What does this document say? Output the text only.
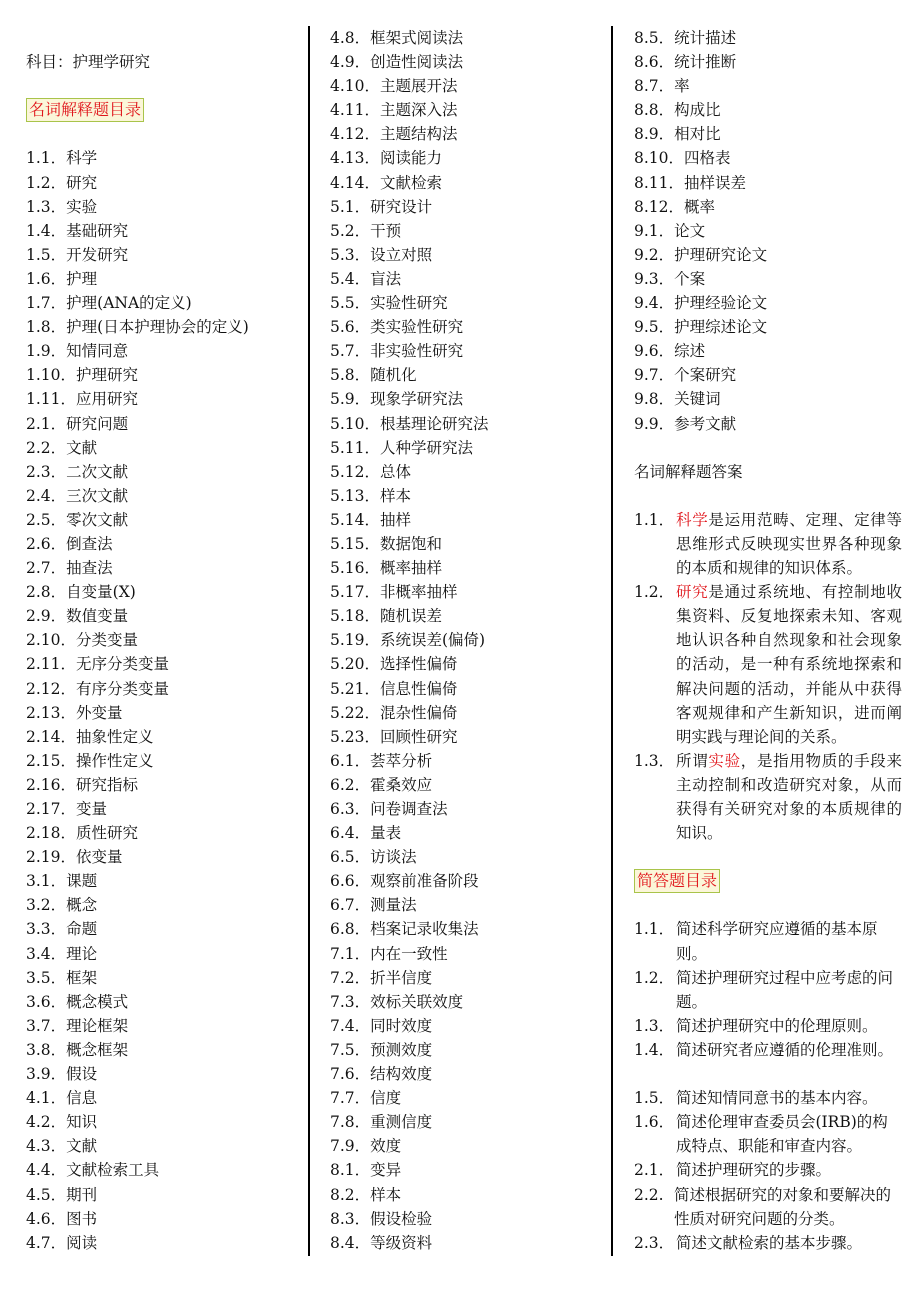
科目：护理学研究
名词解释题目录
1.1．科学
1.2．研究
1.3．实验
1.4．基础研究
1.5．开发研究
1.6．护理
1.7．护理(ANA的定义)
1.8．护理(日本护理协会的定义)
1.9．知情同意
1.10．护理研究
1.11．应用研究
2.1．研究问题
2.2．文献
2.3．二次文献
2.4．三次文献
2.5．零次文献
2.6．倒查法
2.7．抽查法
2.8．自变量(X)
2.9．数值变量
2.10．分类变量
2.11．无序分类变量
2.12．有序分类变量
2.13．外变量
2.14．抽象性定义
2.15．操作性定义
2.16．研究指标
2.17．变量
2.18．质性研究
2.19．依变量
3.1．课题
3.2．概念
3.3．命题
3.4．理论
3.5．框架
3.6．概念模式
3.7．理论框架
3.8．概念框架
3.9．假设
4.1．信息
4.2．知识
4.3．文献
4.4．文献检索工具
4.5．期刊
4.6．图书
4.7．阅读
4.8．框架式阅读法
4.9．创造性阅读法
4.10．主题展开法
4.11．主题深入法
4.12．主题结构法
4.13．阅读能力
4.14．文献检索
5.1．研究设计
5.2．干预
5.3．设立对照
5.4．盲法
5.5．实验性研究
5.6．类实验性研究
5.7．非实验性研究
5.8．随机化
5.9．现象学研究法
5.10．根基理论研究法
5.11．人种学研究法
5.12．总体
5.13．样本
5.14．抽样
5.15．数据饱和
5.16．概率抽样
5.17．非概率抽样
5.18．随机误差
5.19．系统误差(偏倚)
5.20．选择性偏倚
5.21．信息性偏倚
5.22．混杂性偏倚
5.23．回顾性研究
6.1．荟萃分析
6.2．霍桑效应
6.3．问卷调查法
6.4．量表
6.5．访谈法
6.6．观察前准备阶段
6.7．测量法
6.8．档案记录收集法
7.1．内在一致性
7.2．折半信度
7.3．效标关联效度
7.4．同时效度
7.5．预测效度
7.6．结构效度
7.7．信度
7.8．重测信度
7.9．效度
8.1．变异
8.2．样本
8.3．假设检验
8.4．等级资料
8.5．统计描述
8.6．统计推断
8.7．率
8.8．构成比
8.9．相对比
8.10．四格表
8.11．抽样误差
8.12．概率
9.1．论文
9.2．护理研究论文
9.3．个案
9.4．护理经验论文
9.5．护理综述论文
9.6．综述
9.7．个案研究
9.8．关键词
9.9．参考文献
名词解释题答案
1.1． 科学是运用范畴、定理、定律等思维形式反映现实世界各种现象的本质和规律的知识体系。
1.2． 研究是通过系统地、有控制地收集资料、反复地探索未知、客观地认识各种自然现象和社会现象的活动，是一种有系统地探索和解决问题的活动，并能从中获得客观规律和产生新知识，进而阐明实践与理论间的关系。
1.3． 所谓实验，是指用物质的手段来主动控制和改造研究对象，从而获得有关研究对象的本质规律的知识。
简答题目录
1.1． 简述科学研究应遵循的基本原则。
1.2． 简述护理研究过程中应考虑的问题。
1.3． 简述护理研究中的伦理原则。
1.4． 简述研究者应遵循的伦理准则。
1.5． 简述知情同意书的基本内容。
1.6． 简述伦理审查委员会(IRB)的构成特点、职能和审查内容。
2.1． 简述护理研究的步骤。
2.2. 简述根据研究的对象和要解决的性质对研究问题的分类。
2.3． 简述文献检索的基本步骤。
